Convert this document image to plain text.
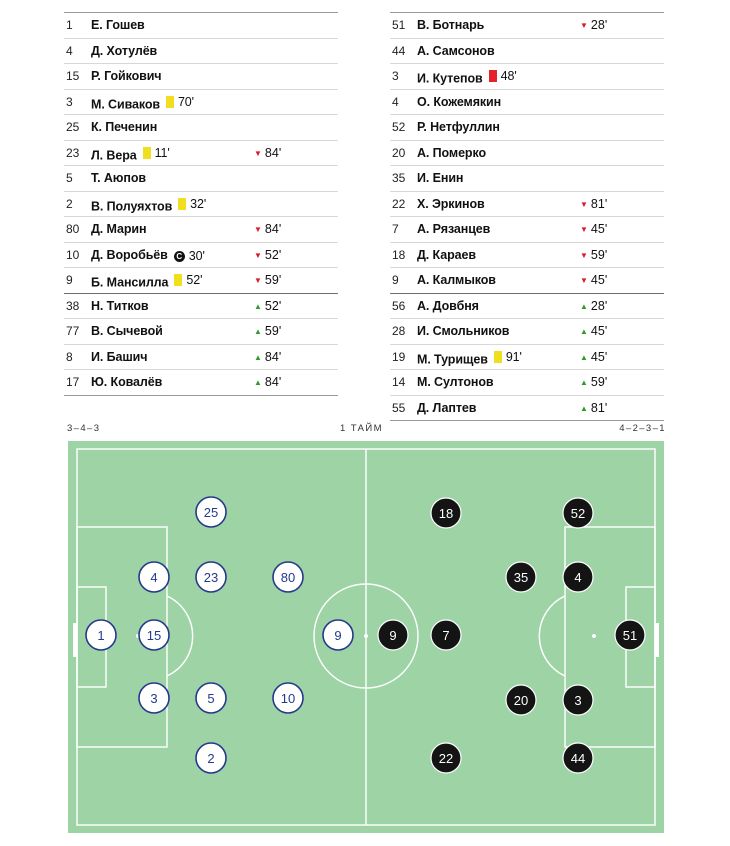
1 Е. Гошев
4 Д. Хотулёв
15 Р. Гойкович
3 М. Сиваков 70'
25 К. Печенин
23 Л. Вера 11'	▼ 84'
5 Т. Аюпов
2 В. Полуяхтов 32'
80 Д. Марин	▼ 84'
10 Д. Воробьёв	C 30'	▼ 52'
9 Б. Мансилла 52'	▼ 59'
38 Н. Титков	▲ 52'
77 В. Сычевой	▲ 59'
8 И. Башич	▲ 84'
17 Ю. Ковалёв	▲ 84'
51 В. Ботнарь	▼ 28'
44 А. Самсонов
3 И. Кутепов 48'
4 О. Кожемякин
52 Р. Нетфуллин
20 А. Померко
35 И. Енин
22 Х. Эркинов	▼ 81'
7 А. Рязанцев	▼ 45'
18 Д. Караев	▼ 59'
9 А. Калмыков	▼ 45'
56 А. Довбня	▲ 28'
28 И. Смольников	▲ 45'
19 М. Турищев 91'	▲ 45'
14 М. Султонов	▲ 59'
55 Д. Лаптев	▲ 81'
3–4–3	1 ТАЙМ	4–2–3–1
25
4	23	80
1	15	9
3	5	10
2
18	52
35	4
9	7	51
20	3
22	44
